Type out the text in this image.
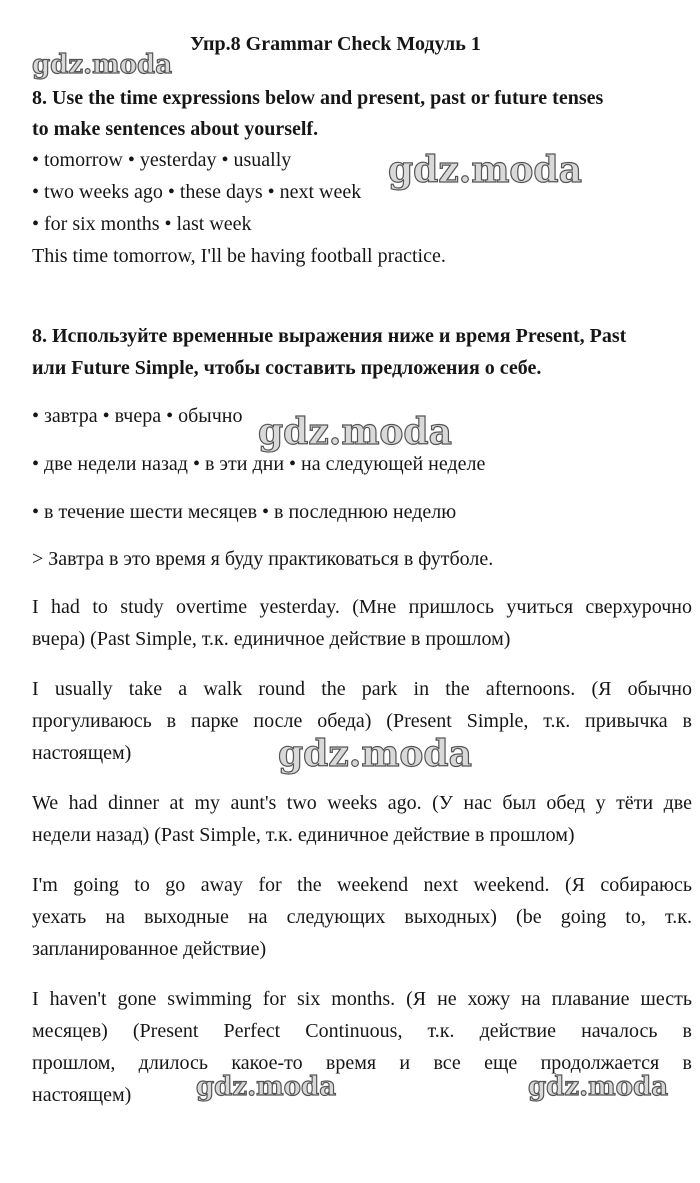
Упр.8 Grammar Check Модуль 1
8. Use the time expressions below and present, past or future tenses
to make sentences about yourself.
• tomorrow • yesterday • usually
• two weeks ago • these days • next week
• for six months • last week
This time tomorrow, I'll be having football practice.
8. Используйте временные выражения ниже и время Present, Past
или Future Simple, чтобы составить предложения о себе.
• завтра • вчера • обычно
• две недели назад • в эти дни • на следующей неделе
• в течение шести месяцев • в последнюю неделю
> Завтра в это время я буду практиковаться в футболе.
I had to study overtime yesterday. (Мне пришлось учиться сверхурочно
вчера) (Past Simple, т.к. единичное действие в прошлом)
I usually take a walk round the park in the afternoons. (Я обычно
прогуливаюсь в парке после обеда) (Present Simple, т.к. привычка в
настоящем)
We had dinner at my aunt's two weeks ago. (У нас был обед у тёти две
недели назад) (Past Simple, т.к. единичное действие в прошлом)
I'm going to go away for the weekend next weekend. (Я собираюсь
уехать на выходные на следующих выходных) (be going to, т.к.
запланированное действие)
I haven't gone swimming for six months. (Я не хожу на плавание шесть
месяцев) (Present Perfect Continuous, т.к. действие началось в
прошлом, длилось какое-то время и все еще продолжается в
настоящем)
gdz.moda
gdz.moda
gdz.moda
gdz.moda
gdz.moda	gdz.moda
